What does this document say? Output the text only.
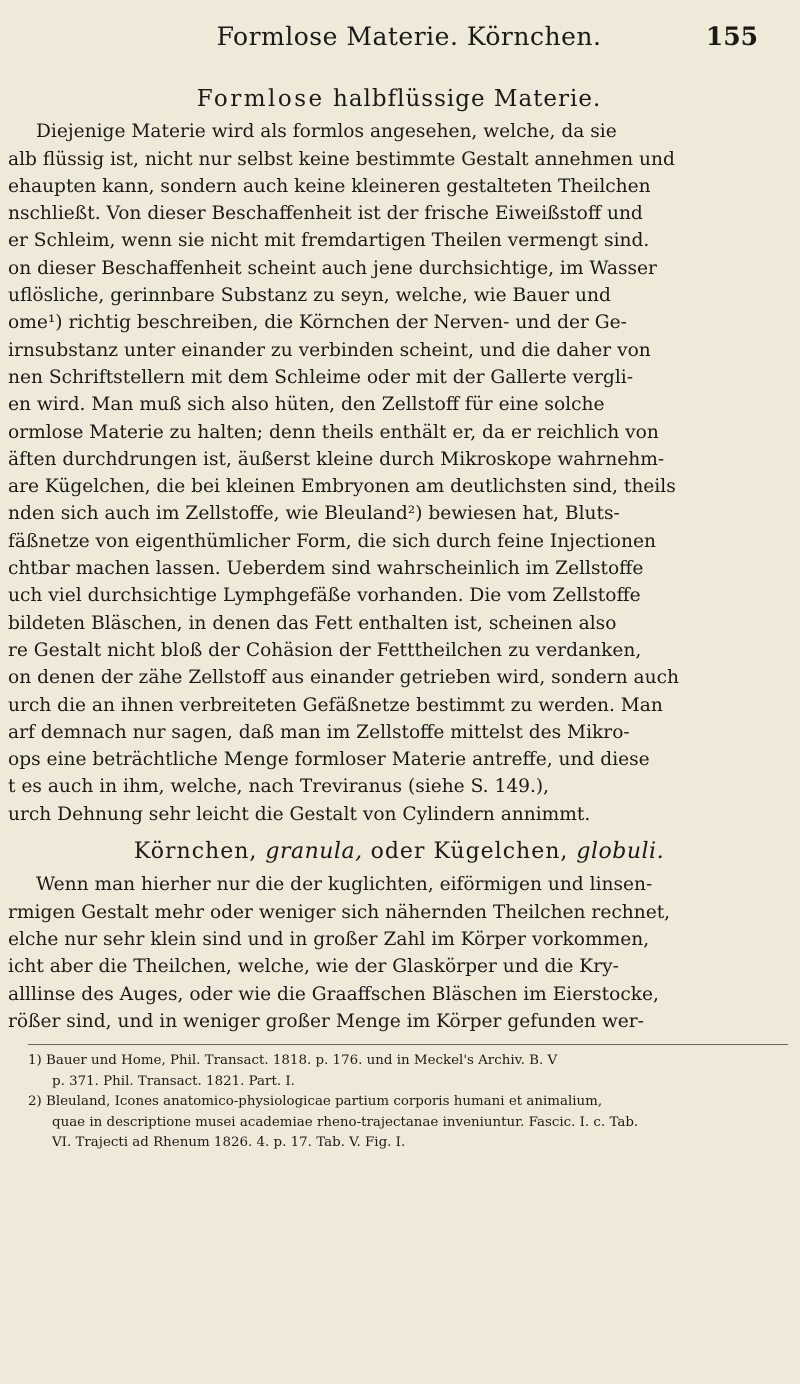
Formlose Materie. Körnchen.	155
Formlose halbflüssige Materie.
Diejenige Materie wird als formlos angesehen, welche, da sie
alb flüssig ist, nicht nur selbst keine bestimmte Gestalt annehmen und
ehaupten kann, sondern auch keine kleineren gestalteten Theilchen
nschließt. Von dieser Beschaffenheit ist der frische Eiweißstoff und
er Schleim, wenn sie nicht mit fremdartigen Theilen vermengt sind.
on dieser Beschaffenheit scheint auch jene durchsichtige, im Wasser
uflösliche, gerinnbare Substanz zu seyn, welche, wie Bauer und
ome¹) richtig beschreiben, die Körnchen der Nerven- und der Ge-
irnsubstanz unter einander zu verbinden scheint, und die daher von
nen Schriftstellern mit dem Schleime oder mit der Gallerte vergli-
en wird. Man muß sich also hüten, den Zellstoff für eine solche
ormlose Materie zu halten; denn theils enthält er, da er reichlich von
äften durchdrungen ist, äußerst kleine durch Mikroskope wahrnehm-
are Kügelchen, die bei kleinen Embryonen am deutlichsten sind, theils
nden sich auch im Zellstoffe, wie Bleuland²) bewiesen hat, Bluts-
fäßnetze von eigenthümlicher Form, die sich durch feine Injectionen
chtbar machen lassen. Ueberdem sind wahrscheinlich im Zellstoffe
uch viel durchsichtige Lymphgefäße vorhanden. Die vom Zellstoffe
bildeten Bläschen, in denen das Fett enthalten ist, scheinen also
re Gestalt nicht bloß der Cohäsion der Fetttheilchen zu verdanken,
on denen der zähe Zellstoff aus einander getrieben wird, sondern auch
urch die an ihnen verbreiteten Gefäßnetze bestimmt zu werden. Man
arf demnach nur sagen, daß man im Zellstoffe mittelst des Mikro-
ops eine beträchtliche Menge formloser Materie antreffe, und diese
t es auch in ihm, welche, nach Treviranus (siehe S. 149.),
urch Dehnung sehr leicht die Gestalt von Cylindern annimmt.
Körnchen, granula, oder Kügelchen, globuli.
Wenn man hierher nur die der kuglichten, eiförmigen und linsen-
rmigen Gestalt mehr oder weniger sich nähernden Theilchen rechnet,
elche nur sehr klein sind und in großer Zahl im Körper vorkommen,
icht aber die Theilchen, welche, wie der Glaskörper und die Kry-
alllinse des Auges, oder wie die Graaffschen Bläschen im Eierstocke,
rößer sind, und in weniger großer Menge im Körper gefunden wer-
1) Bauer und Home, Phil. Transact. 1818. p. 176. und in Meckel's Archiv. B. V
p. 371. Phil. Transact. 1821. Part. I.
2) Bleuland, Icones anatomico-physiologicae partium corporis humani et animalium,
quae in descriptione musei academiae rheno-trajectanae inveniuntur. Fascic. I. c. Tab.
VI. Trajecti ad Rhenum 1826. 4. p. 17. Tab. V. Fig. I.
